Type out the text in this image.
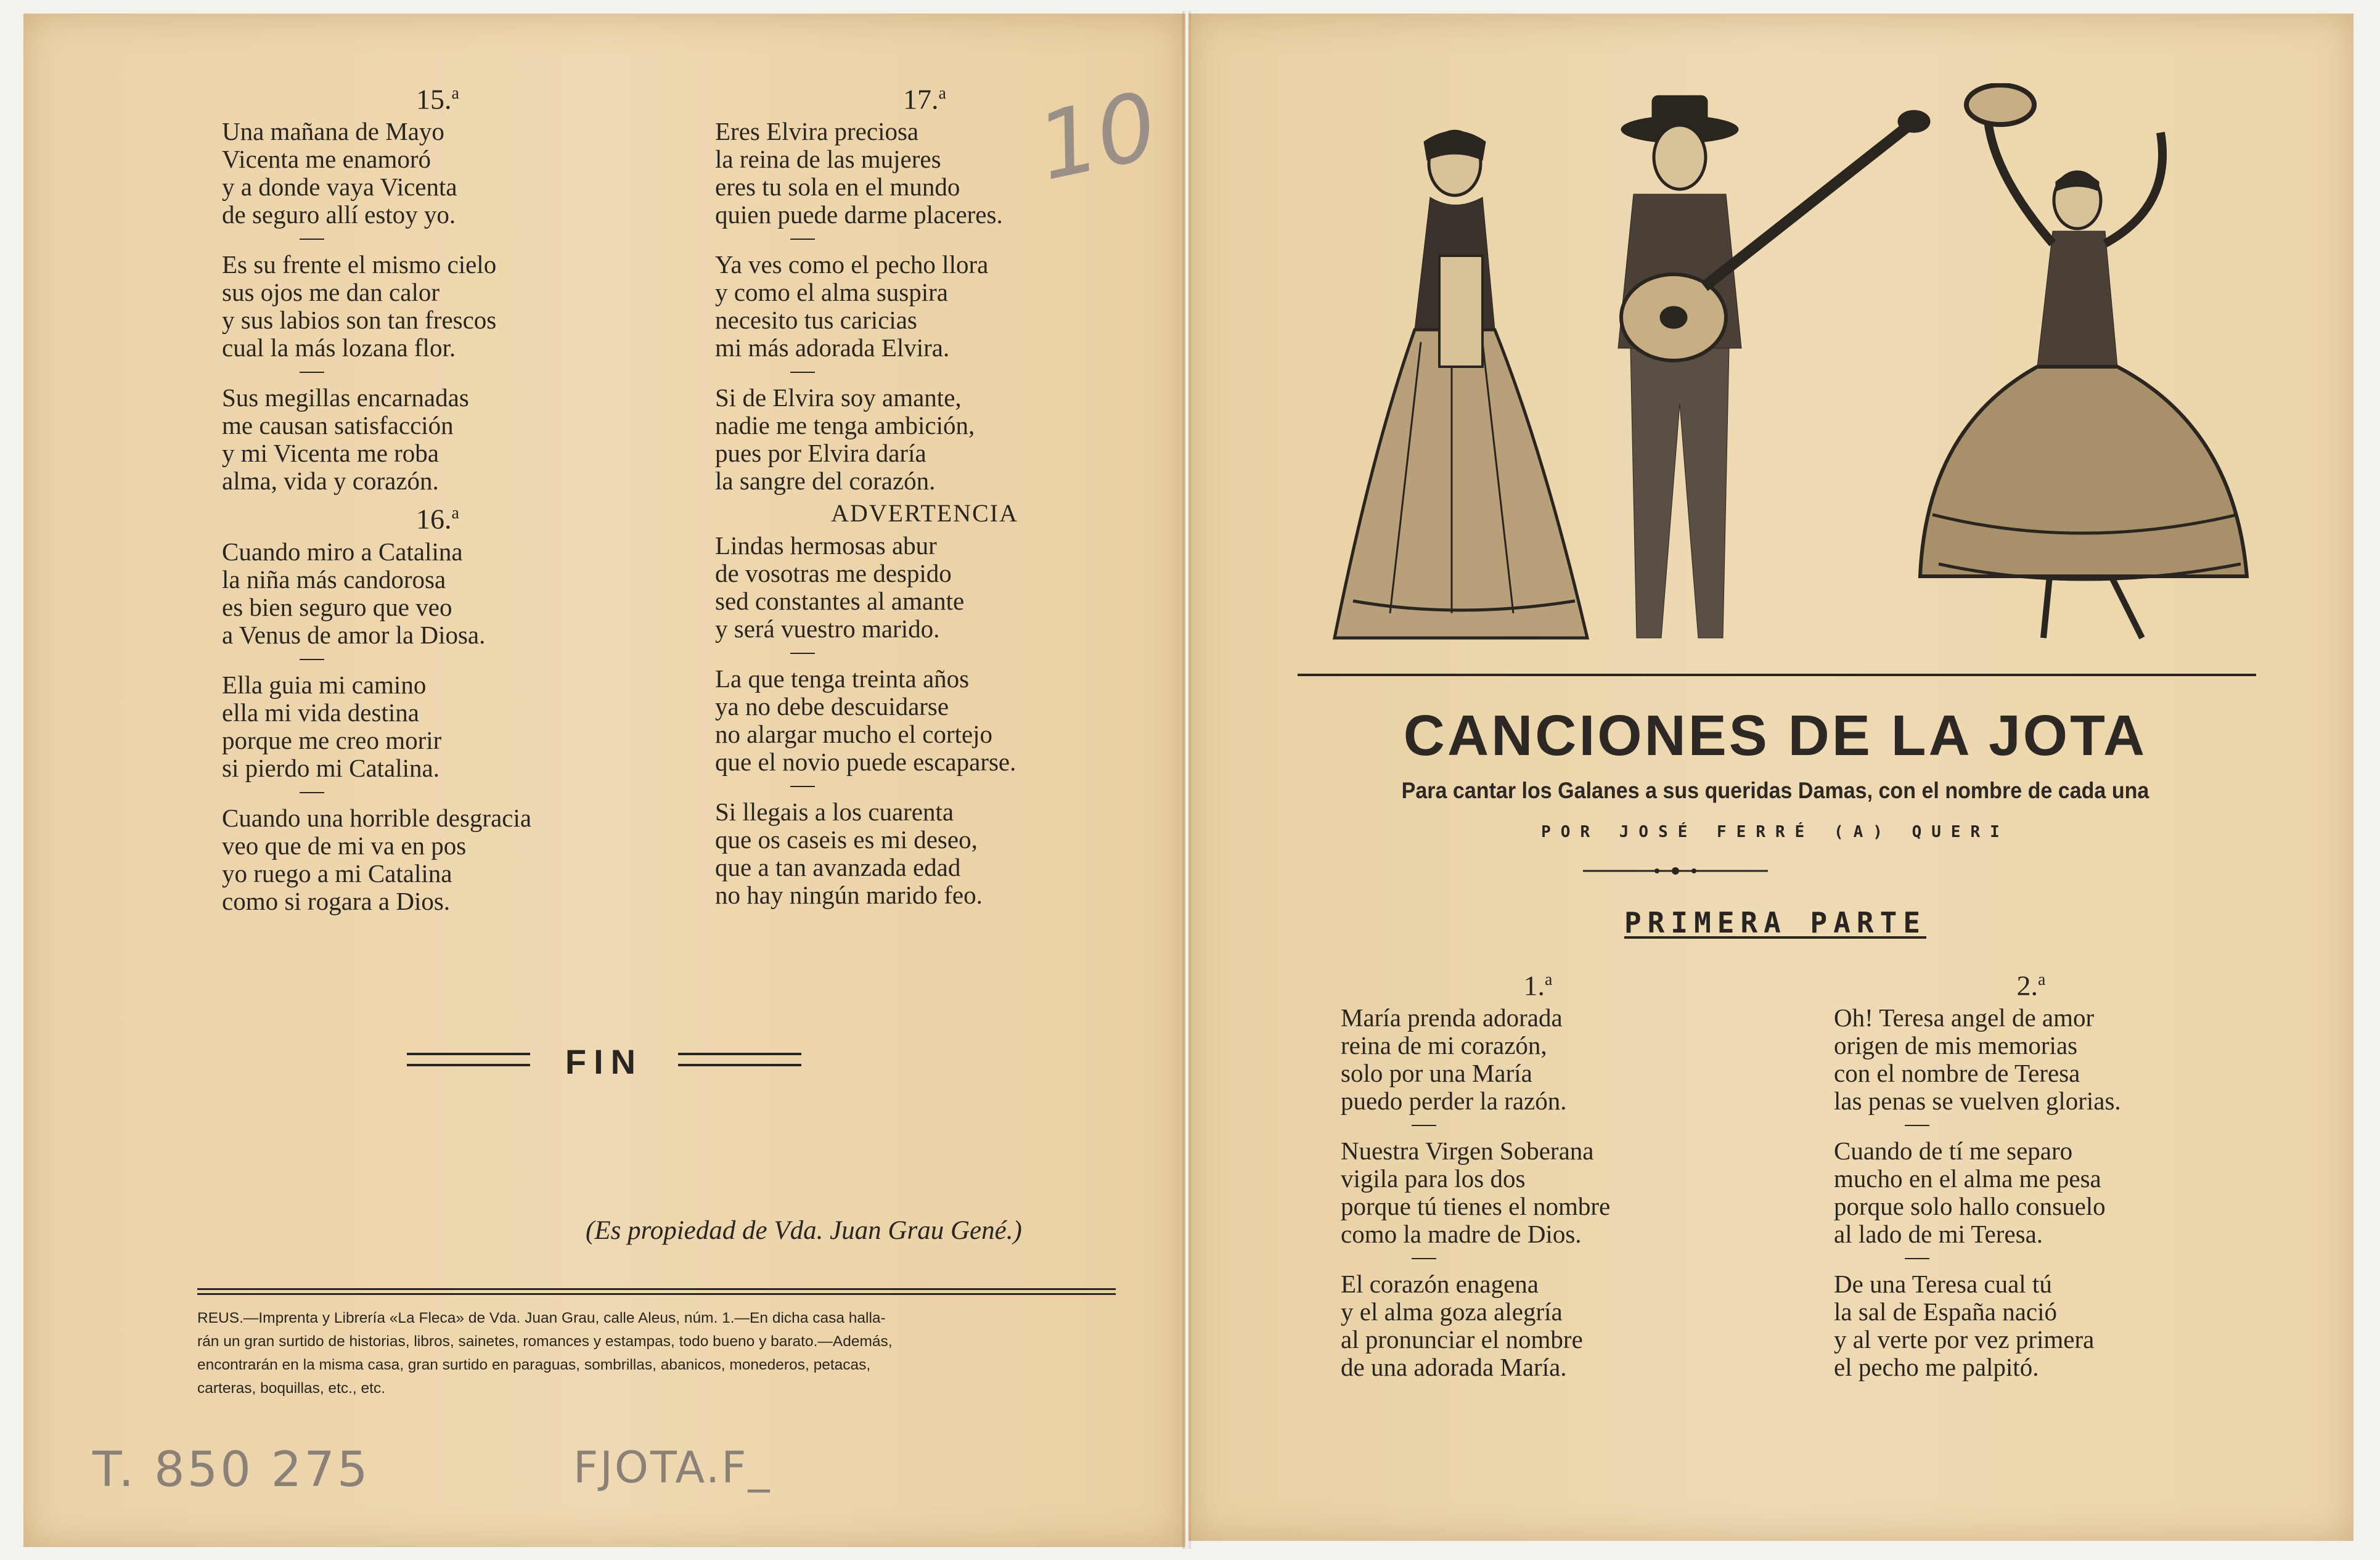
15.$^a$
Una mañana de Mayo
Vicenta me enamoró
y a donde vaya Vicenta
de seguro allí estoy yo.
Es su frente el mismo cielo
sus ojos me dan calor
y sus labios son tan frescos
cual la más lozana flor.
Sus megillas encarnadas
me causan satisfacción
y mi Vicenta me roba
alma, vida y corazón.
16.$^a$
Cuando miro a Catalina
la niña más candorosa
es bien seguro que veo
a Venus de amor la Diosa.
Ella guia mi camino
ella mi vida destina
porque me creo morir
si pierdo mi Catalina.
Cuando una horrible desgracia
veo que de mi va en pos
yo ruego a mi Catalina
como si rogara a Dios.
17.$^a$
Eres Elvira preciosa
la reina de las mujeres
eres tu sola en el mundo
quien puede darme placeres.
Ya ves como el pecho llora
y como el alma suspira
necesito tus caricias
mi más adorada Elvira.
Si de Elvira soy amante,
nadie me tenga ambición,
pues por Elvira daría
la sangre del corazón.
ADVERTENCIA
Lindas hermosas abur
de vosotras me despido
sed constantes al amante
y será vuestro marido.
La que tenga treinta años
ya no debe descuidarse
no alargar mucho el cortejo
que el novio puede escaparse.
Si llegais a los cuarenta
que os caseis es mi deseo,
que a tan avanzada edad
no hay ningún marido feo.
10
FIN
(Es propiedad de Vda. Juan Grau Gené.)
REUS.—Imprenta y Librería «La Fleca» de Vda. Juan Grau, calle Aleus, núm. 1.—En dicha casa halla-
rán un gran surtido de historias, libros, sainetes, romances y estampas, todo bueno y barato.—Además,
encontrarán en la misma casa, gran surtido en paraguas, sombrillas, abanicos, monederos, petacas,
carteras, boquillas, etc., etc.
T. 850 275	FJOTA.F_
CANCIONES DE LA JOTA
Para cantar los Galanes a sus queridas Damas, con el nombre de cada una
POR JOSÉ FERRÉ (A) QUERI
PRIMERA PARTE
1.$^a$
María prenda adorada
reina de mi corazón,
solo por una María
puedo perder la razón.
Nuestra Virgen Soberana
vigila para los dos
porque tú tienes el nombre
como la madre de Dios.
El corazón enagena
y el alma goza alegría
al pronunciar el nombre
de una adorada María.
2.$^a$
Oh! Teresa angel de amor
origen de mis memorias
con el nombre de Teresa
las penas se vuelven glorias.
Cuando de tí me separo
mucho en el alma me pesa
porque solo hallo consuelo
al lado de mi Teresa.
De una Teresa cual tú
la sal de España nació
y al verte por vez primera
el pecho me palpitó.
